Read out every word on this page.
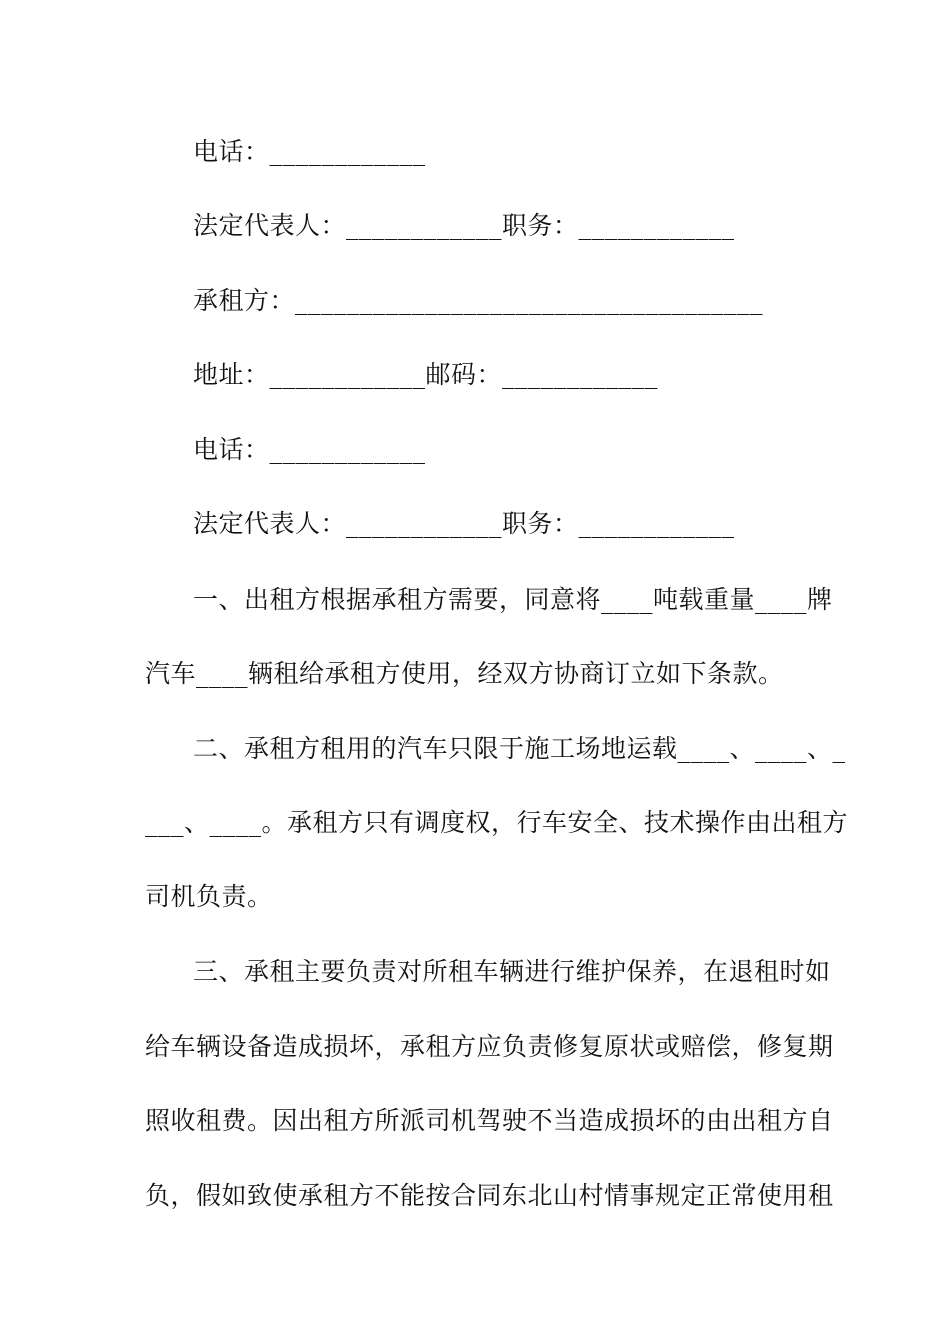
电话：____________
法定代表人：____________职务：____________
承租方：____________________________________
地址：____________邮码：____________
电话：____________
法定代表人：____________职务：____________
一、出租方根据承租方需要，同意将____吨载重量____牌
汽车____辆租给承租方使用，经双方协商订立如下条款。
二、承租方租用的汽车只限于施工场地运载____、____、_
___、____。承租方只有调度权，行车安全、技术操作由出租方
司机负责。
三、承租主要负责对所租车辆进行维护保养，在退租时如
给车辆设备造成损坏，承租方应负责修复原状或赔偿，修复期
照收租费。因出租方所派司机驾驶不当造成损坏的由出租方自
负，假如致使承租方不能按合同东北山村情事规定正常使用租
